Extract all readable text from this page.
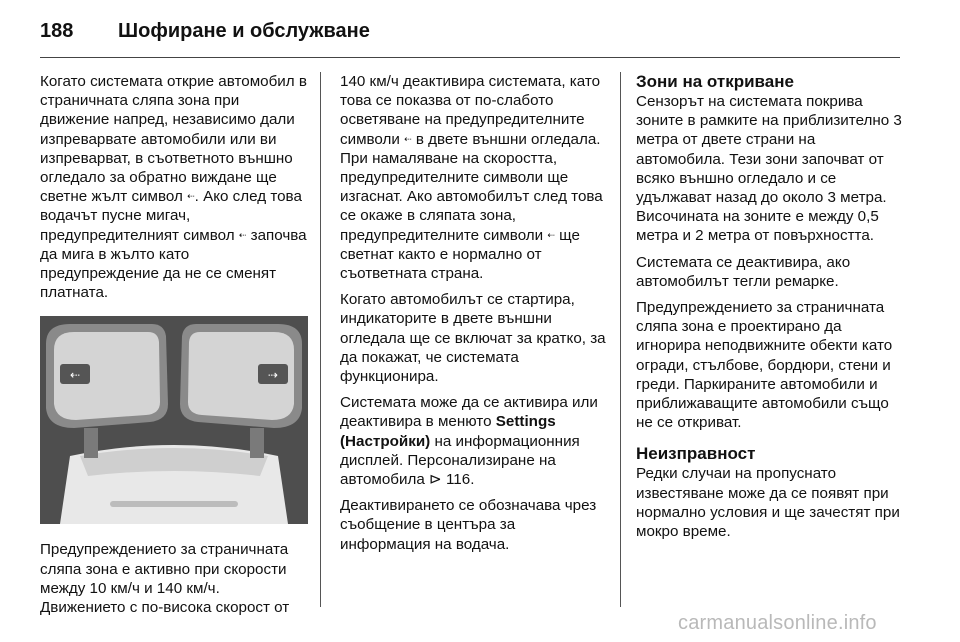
188 Шофиране и обслужване

Когато системата открие автомобил в страничната сляпа зона при движение напред, независимо дали изпреварвате автомобили или ви изпреварват, в съответното външно огледало за обратно виждане ще светне жълт символ ⇠. Ако след това водачът пусне мигач, предупредителният символ ⇠ започва да мига в жълто като предупреждение да не се сменят платната.

⇠	⇢

Предупреждението за страничната сляпа зона е активно при скорости между 10 км/ч и 140 км/ч. Движението с по-висока скорост от

140 км/ч деактивира системата, като това се показва от по-слабото осветяване на предупредителните символи ⇠ в двете външни огледала. При намаляване на скоростта, предупредителните символи ще изгаснат. Ако автомобилът след това се окаже в сляпата зона, предупредителните символи ⇠ ще светнат както е нормално от съответната страна.

Когато автомобилът се стартира, индикаторите в двете външни огледала ще се включат за кратко, за да покажат, че системата функционира.

Системата може да се активира или деактивира в менюто Settings (Настройки) на информационния дисплей. Персонализиране на автомобила ⊳ 116.

Деактивирането се обозначава чрез съобщение в центъра за информация на водача.

Зони на откриване

Сензорът на системата покрива зоните в рамките на приблизително 3 метра от двете страни на автомобила. Тези зони започват от всяко външно огледало и се удължават назад до около 3 метра. Височината на зоните е между 0,5 метра и 2 метра от повърхността.

Системата се деактивира, ако автомобилът тегли ремарке.

Предупреждението за страничната сляпа зона е проектирано да игнорира неподвижните обекти като огради, стълбове, бордюри, стени и греди. Паркираните автомобили и приближаващите автомобили също не се откриват.

Неизправност

Редки случаи на пропуснато известяване може да се появят при нормално условия и ще зачестят при мокро време.

carmanualsonline.info
